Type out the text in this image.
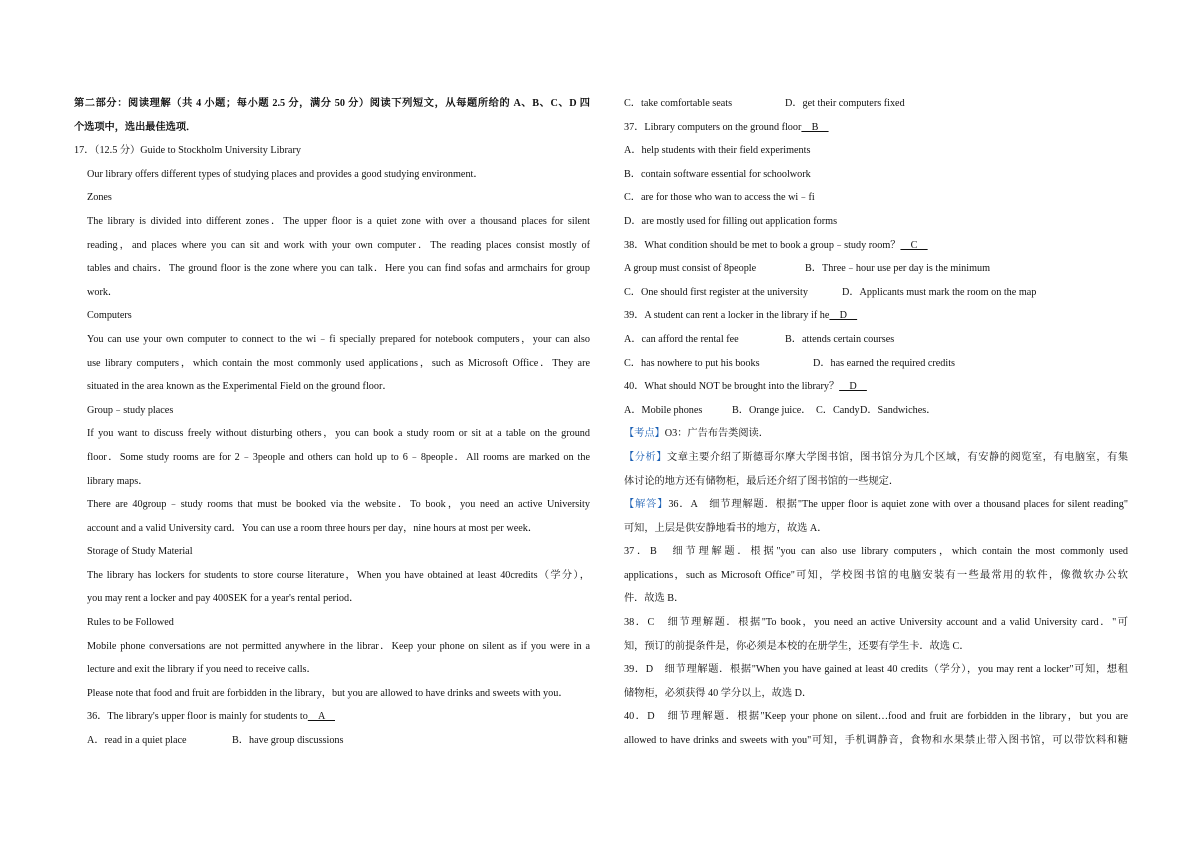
第二部分：阅读理解（共 4 小题；每小题 2.5 分，满分 50 分）阅读下列短文，从每题所给的 A、B、C、D 四
个选项中，选出最佳选项．
17．（12.5 分）Guide to Stockholm University Library
Our library offers different types of studying places and provides a good studying environment．
Zones
The library is divided into different zones．The upper floor is a quiet zone with over a thousand places for silent
reading，and places where you can sit and work with your own computer．The reading places consist mostly of
tables and chairs．The ground floor is the zone where you can talk．Here you can find sofas and armchairs for group
work．
Computers
You can use your own computer to connect to the wi﹣fi specially prepared for notebook computers，your can also
use library computers，which contain the most commonly used applications，such as Microsoft Office．They are
situated in the area known as the Experimental Field on the ground floor．
Group﹣study places
If you want to discuss freely without disturbing others，you can book a study room or sit at a table on the ground
floor．Some study rooms are for 2﹣3people and others can hold up to 6﹣8people．All rooms are marked on the
library maps．
There are 40group﹣study rooms that must be booked via the website．To book，you need an active University
account and a valid University card．You can use a room three hours per day，nine hours at most per week．
Storage of Study Material
The library has lockers for students to store course literature，When you have obtained at least 40credits（学分），
you may rent a locker and pay 400SEK for a year's rental period．
Rules to be Followed
Mobile phone conversations are not permitted anywhere in the librar．Keep your phone on silent as if you were in a
lecture and exit the library if you need to receive calls．
Please note that food and fruit are forbidden in the library，but you are allowed to have drinks and sweets with you．
36．The library's upper floor is mainly for students to　A　
A．read in a quiet place	B．have group discussions
C．take comfortable seats	D．get their computers fixed
37．Library computers on the ground floor　B　
A．help students with their field experiments
B．contain software essential for schoolwork
C．are for those who wan to access the wi﹣fi
D．are mostly used for filling out application forms
38．What condition should be met to book a group﹣study room？　C　
A group must consist of 8people	B．Three﹣hour use per day is the minimum
C．One should first register at the university	D．Applicants must mark the room on the map
39．A student can rent a locker in the library if he　D　
A．can afford the rental fee	B．attends certain courses
C．has nowhere to put his books	D．has earned the required credits
40．What should NOT be brought into the library？　D　
A．Mobile phones	B．Orange juice． C．CandyD．Sandwiches．
【考点】O3：广告布告类阅读．
【分析】文章主要介绍了斯德哥尔摩大学图书馆，图书馆分为几个区域，有安静的阅览室，有电脑室，有集
体讨论的地方还有储物柜，最后还介绍了图书馆的一些规定．
【解答】36．A　细节理解题．根据"The upper floor is aquiet zone with over a thousand places for silent reading"
可知，上层是供安静地看书的地方，故选 A．
37．B　细节理解题．根据"you can also use library computers，which contain the most commonly used
applications，such as Microsoft Office"可知，学校图书馆的电脑安装有一些最常用的软件，像微软办公软
件．故选 B．
38．C　细节理解题．根据"To book，you need an active University account and a valid University card．"可
知，预订的前提条件是，你必须是本校的在册学生，还要有学生卡．故选 C．
39．D　细节理解题．根据"When you have gained at least 40 credits（学分），you may rent a locker"可知，想租
储物柜，必须获得 40 学分以上，故选 D．
40．D　细节理解题．根据"Keep your phone on silent…food and fruit are forbidden in the library，but you are
allowed to have drinks and sweets with you"可知，手机调静音，食物和水果禁止带入图书馆，可以带饮料和糖
